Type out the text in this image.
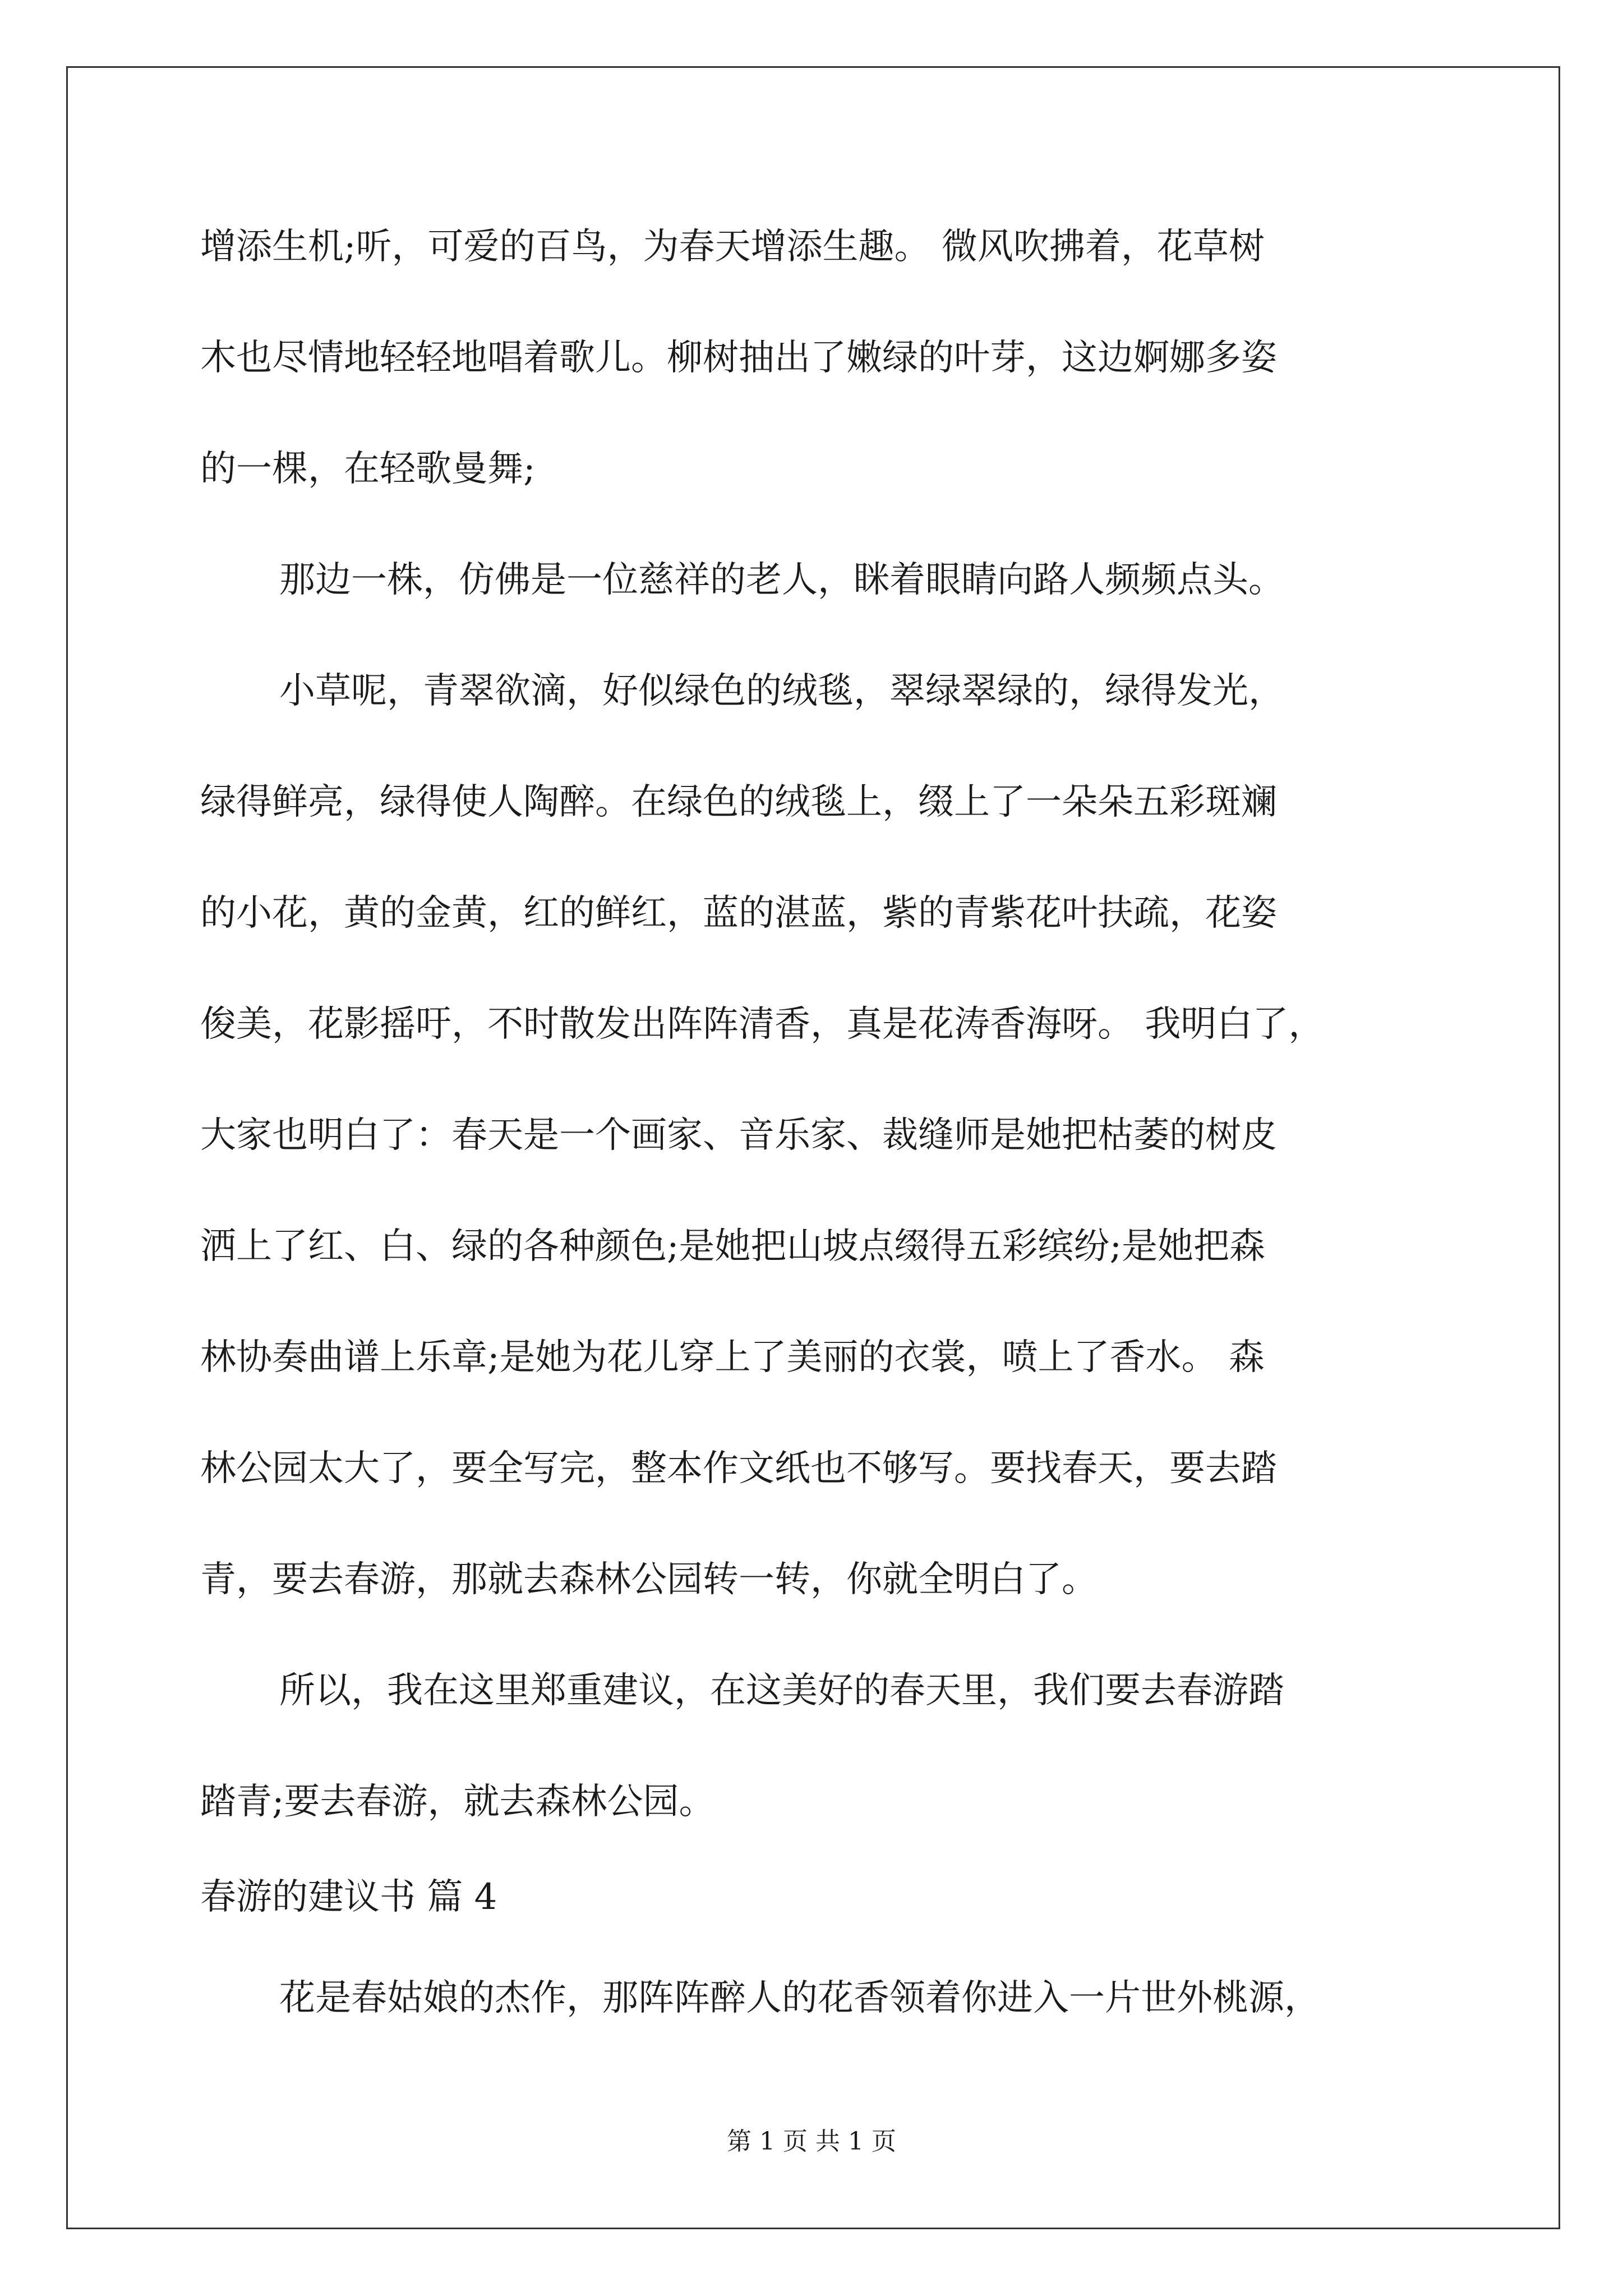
增添生机;听，可爱的百鸟，为春天增添生趣。 微风吹拂着，花草树
木也尽情地轻轻地唱着歌儿。柳树抽出了嫩绿的叶芽，这边婀娜多姿
的一棵，在轻歌曼舞;
那边一株，仿佛是一位慈祥的老人，眯着眼睛向路人频频点头。
小草呢，青翠欲滴，好似绿色的绒毯，翠绿翠绿的，绿得发光，
绿得鲜亮，绿得使人陶醉。在绿色的绒毯上，缀上了一朵朵五彩斑斓
的小花，黄的金黄，红的鲜红，蓝的湛蓝，紫的青紫花叶扶疏，花姿
俊美，花影摇吁，不时散发出阵阵清香，真是花涛香海呀。 我明白了，
大家也明白了：春天是一个画家、音乐家、裁缝师是她把枯萎的树皮
洒上了红、白、绿的各种颜色;是她把山坡点缀得五彩缤纷;是她把森
林协奏曲谱上乐章;是她为花儿穿上了美丽的衣裳，喷上了香水。 森
林公园太大了，要全写完，整本作文纸也不够写。要找春天，要去踏
青，要去春游，那就去森林公园转一转，你就全明白了。
所以，我在这里郑重建议，在这美好的春天里，我们要去春游踏
踏青;要去春游，就去森林公园。
春游的建议书 篇 4
花是春姑娘的杰作，那阵阵醉人的花香领着你进入一片世外桃源，
第 1 页 共 1 页
